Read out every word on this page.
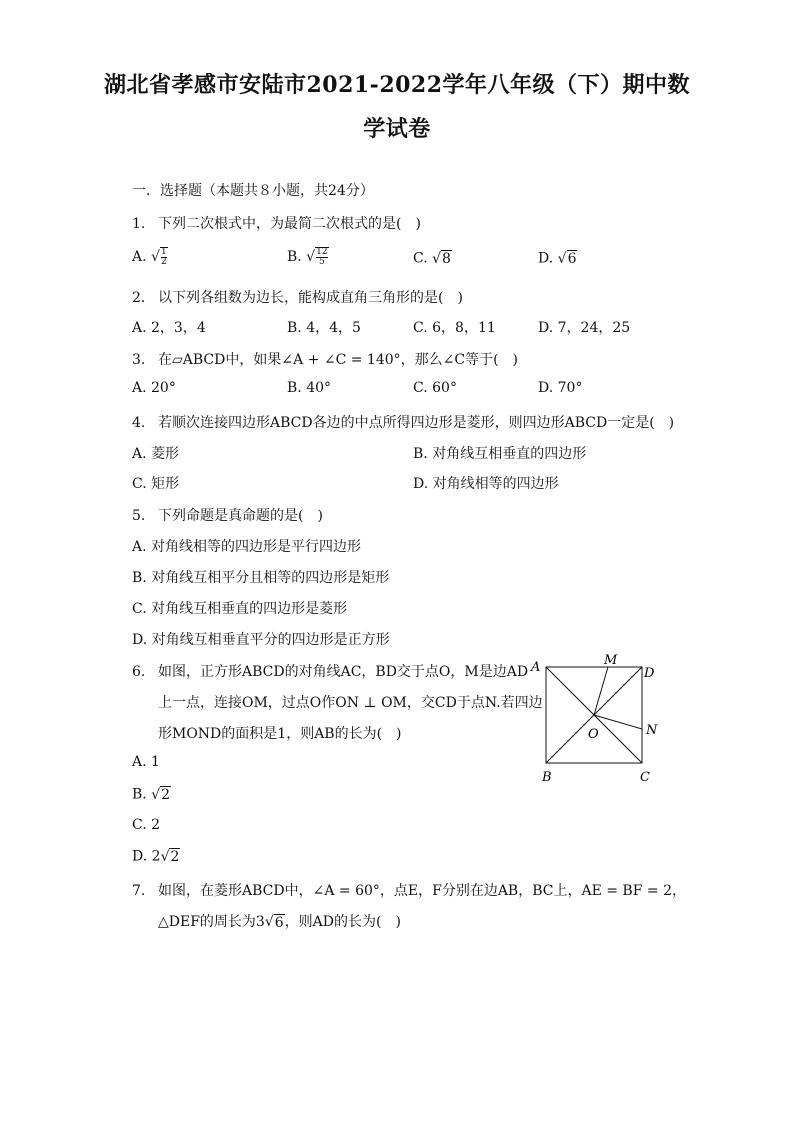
湖北省孝感市安陆市2021-2022学年八年级（下）期中数
学试卷
一．选择题（本题共８小题，共24分）
1. 下列二次根式中，为最简二次根式的是(　)
A. √ $\frac{1}{2}$	B. √ $\frac{12}{5}$	C. √ 8	D. √ 6
2. 以下列各组数为边长，能构成直角三角形的是(　)
A. 2，3，4	B. 4，4，5	C. 6，8，11	D. 7，24，25
3. 在▱ABCD中，如果∠A + ∠C = 140°，那么∠C等于(　)
A. 20°	B. 40°	C. 60°	D. 70°
4. 若顺次连接四边形ABCD各边的中点所得四边形是菱形，则四边形ABCD一定是(　)
A. 菱形	B. 对角线互相垂直的四边形
C. 矩形	D. 对角线相等的四边形
5. 下列命题是真命题的是(　)
A. 对角线相等的四边形是平行四边形
B. 对角线互相平分且相等的四边形是矩形
C. 对角线互相垂直的四边形是菱形
D. 对角线互相垂直平分的四边形是正方形
6. 如图，正方形ABCD的对角线AC，BD交于点O，M是边AD
上一点，连接OM，过点O作ON ⊥ OM，交CD于点N.若四边
形MOND的面积是1，则AB的长为(　)
A. 1
B. √ 2
C. 2
D. 2√ 2
A	M
D
N
O
B	C
7. 如图，在菱形ABCD中，∠A = 60°，点E，F分别在边AB，BC上，AE = BF = 2，
△DEF的周长为3√ 6 ，则AD的长为(　)
